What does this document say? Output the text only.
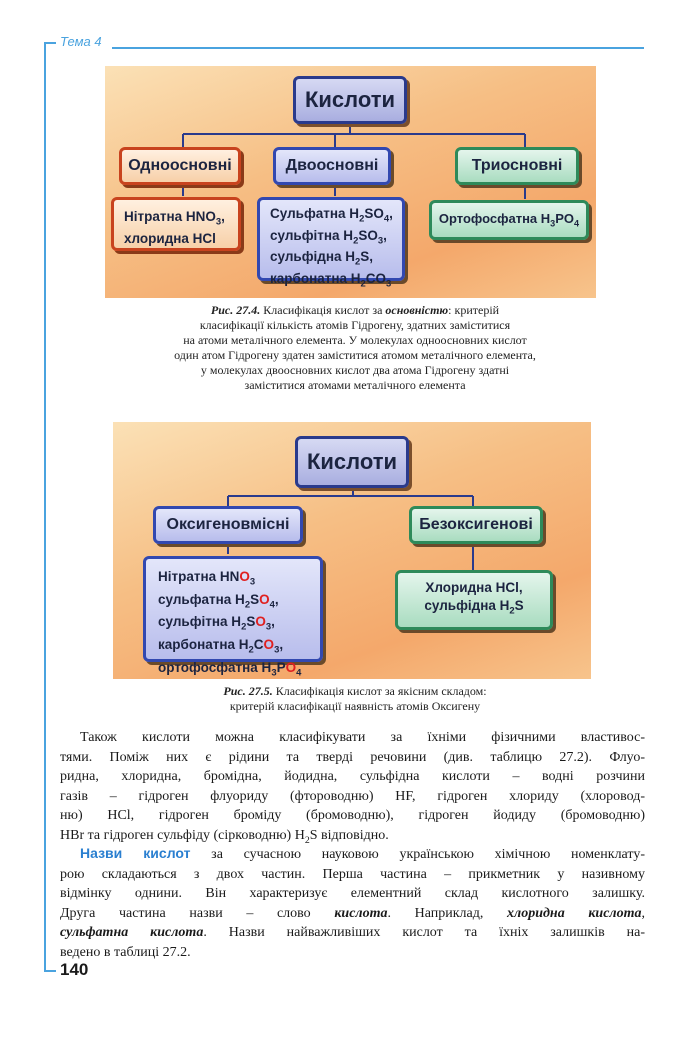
Тема 4
Кислоти
Одноосновні	Двоосновні	Триосновні
Нітратна $HNO_3$,
хлоридна HCl
Сульфатна $H_2SO_4$,
сульфітна $H_2SO_3$,
сульфідна $H_2S$,
карбонатна $H_2CO_3$
Ортофосфатна $H_3PO_4$
Рис. 27.4. Класифікація кислот за основністю: критерій
класифікації кількість атомів Гідрогену, здатних заміститися
на атоми металічного елемента. У молекулах одноосновних кислот
один атом Гідрогену здатен заміститися атомом металічного елемента,
у молекулах двоосновних кислот два атома Гідрогену здатні
заміститися атомами металічного елемента
Кислоти
Оксигеновмісні	Безоксигенові
Нітратна $HNO_3$
сульфатна $H_2SO_4$,
сульфітна $H_2SO_3$,
карбонатна $H_2CO_3$,
ортофосфатна $H_3PO_4$
Хлоридна HCl,
сульфідна $H_2S$
Рис. 27.5. Класифікація кислот за якісним складом:
критерій класифікації наявність атомів Оксигену
Також кислоти можна класифікувати за їхніми фізичними властивос-
тями. Поміж них є рідини та тверді речовини (див. таблицю 27.2). Флуо-
ридна, хлоридна, бромідна, йодидна, сульфідна кислоти – водні розчини
газів – гідроген флуориду (фтороводню) HF, гідроген хлориду (хлоровод-
ню) HCl, гідроген броміду (бромоводню), гідроген йодиду (бромоводню)
HBr та гідроген сульфіду (сірководню) $H_2S$ відповідно.
Назви кислот за сучасною науковою українською хімічною номенклату-
рою складаються з двох частин. Перша частина – прикметник у називному
відмінку однини. Він характеризує елементний склад кислотного залишку.
Друга частина назви – слово кислота. Наприклад, хлоридна кислота,
сульфатна кислота. Назви найважливіших кислот та їхніх залишків на-
ведено в таблиці 27.2.
140
